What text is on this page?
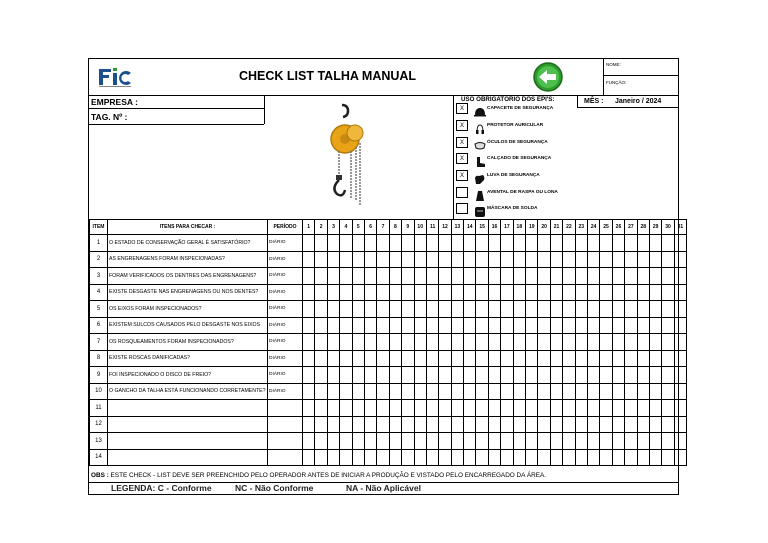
CHECK LIST TALHA MANUAL
NOME:
FUNÇÃO:
EMPRESA :
TAG. Nº :
USO OBRIGATÓRIO DOS EPI'S:	MÊS : Janeiro / 2024
X	CAPACETE DE SEGURANÇA
X	PROTETOR AURICULAR
X	ÓCULOS DE SEGURANÇA
X	CALÇADO DE SEGURANÇA
X	LUVA DE SEGURANÇA
AVENTAL DE RASPA OU LONA
MÁSCARA DE SOLDA
ITEM	ITENS PARA CHECAR :	PERÍODO	1	2	3	4	5	6	7	8	9	10	11	12	13	14	15	16	17	18	19	20	21	22	23	24	25	26	27	28	29	30	31
1	O ESTADO DE CONSERVAÇÃO GERAL É SATISFATÓRIO?	DIÁRIO																															
2	AS ENGRENAGENS FORAM INSPECIONADAS?	DIÁRIO																															
3	FORAM VERIFICADOS OS DENTRES DAS ENGRENAGENS?	DIÁRIO																															
4	EXISTE DESGASTE NAS ENGRENAGENS OU NOS DENTES?	DIÁRIO																															
5	OS EIXOS FORAM INSPECIONADOS?	DIÁRIO																															
6	EXISTEM SULCOS CAUSADOS PELO DESGASTE NOS EIXOS	DIÁRIO																															
7	OS ROSQUEAMENTOS FORAM INSPECIONADOS?	DIÁRIO																															
8	EXISTE ROSCAS DANIFICADAS?	DIÁRIO																															
9	FOI INSPECIONADO O DISCO DE FREIO?	DIÁRIO																															
10	O GANCHO DA TALHA ESTÁ FUNCIONANDO CORRETAMENTE?	DIÁRIO																															
11																																	
12																																	
13																																	
14																																	
OBS : ESTE CHECK - LIST DEVE SER PREENCHIDO PELO OPERADOR ANTES DE INICIAR A PRODUÇÃO E VISTADO PELO ENCARREGADO DA ÁREA.
LEGENDA: C - Conforme	NC - Não Conforme	NA - Não Aplicável
